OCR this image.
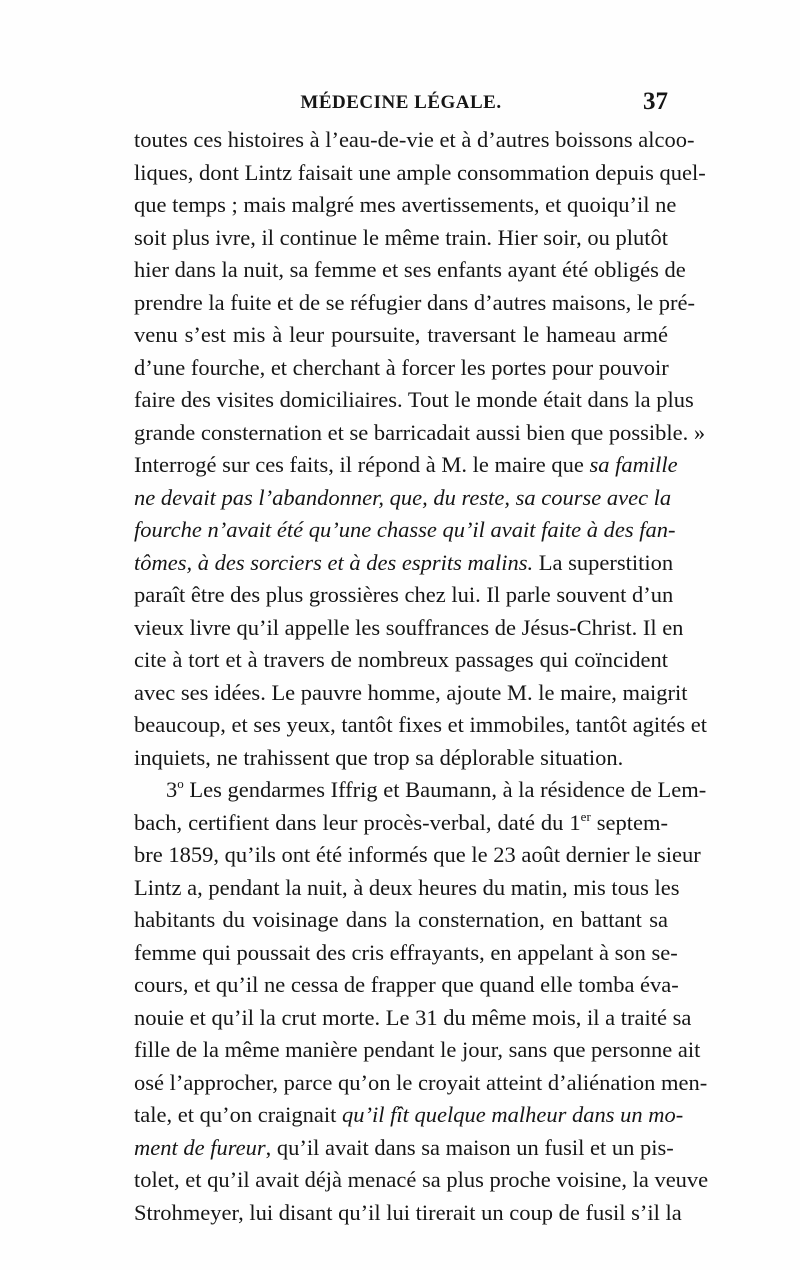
MÉDECINE LÉGALE.	37
toutes ces histoires à l’eau-de-vie et à d’autres boissons alcoo-
liques, dont Lintz faisait une ample consommation depuis quel-
que temps ; mais malgré mes avertissements, et quoiqu’il ne
soit plus ivre, il continue le même train. Hier soir, ou plutôt
hier dans la nuit, sa femme et ses enfants ayant été obligés de
prendre la fuite et de se réfugier dans d’autres maisons, le pré-
venu s’est mis à leur poursuite, traversant le hameau armé
d’une fourche, et cherchant à forcer les portes pour pouvoir
faire des visites domiciliaires. Tout le monde était dans la plus
grande consternation et se barricadait aussi bien que possible. »
Interrogé sur ces faits, il répond à M. le maire que sa famille
ne devait pas l’abandonner, que, du reste, sa course avec la
fourche n’avait été qu’une chasse qu’il avait faite à des fan-
tômes, à des sorciers et à des esprits malins. La superstition
paraît être des plus grossières chez lui. Il parle souvent d’un
vieux livre qu’il appelle les souffrances de Jésus-Christ. Il en
cite à tort et à travers de nombreux passages qui coïncident
avec ses idées. Le pauvre homme, ajoute M. le maire, maigrit
beaucoup, et ses yeux, tantôt fixes et immobiles, tantôt agités et
inquiets, ne trahissent que trop sa déplorable situation.
3$^o$ Les gendarmes Iffrig et Baumann, à la résidence de Lem-
bach, certifient dans leur procès-verbal, daté du 1er septem-
bre 1859, qu’ils ont été informés que le 23 août dernier le sieur
Lintz a, pendant la nuit, à deux heures du matin, mis tous les
habitants du voisinage dans la consternation, en battant sa
femme qui poussait des cris effrayants, en appelant à son se-
cours, et qu’il ne cessa de frapper que quand elle tomba éva-
nouie et qu’il la crut morte. Le 31 du même mois, il a traité sa
fille de la même manière pendant le jour, sans que personne ait
osé l’approcher, parce qu’on le croyait atteint d’aliénation men-
tale, et qu’on craignait qu’il fît quelque malheur dans un mo-
ment de fureur, qu’il avait dans sa maison un fusil et un pis-
tolet, et qu’il avait déjà menacé sa plus proche voisine, la veuve
Strohmeyer, lui disant qu’il lui tirerait un coup de fusil s’il la
